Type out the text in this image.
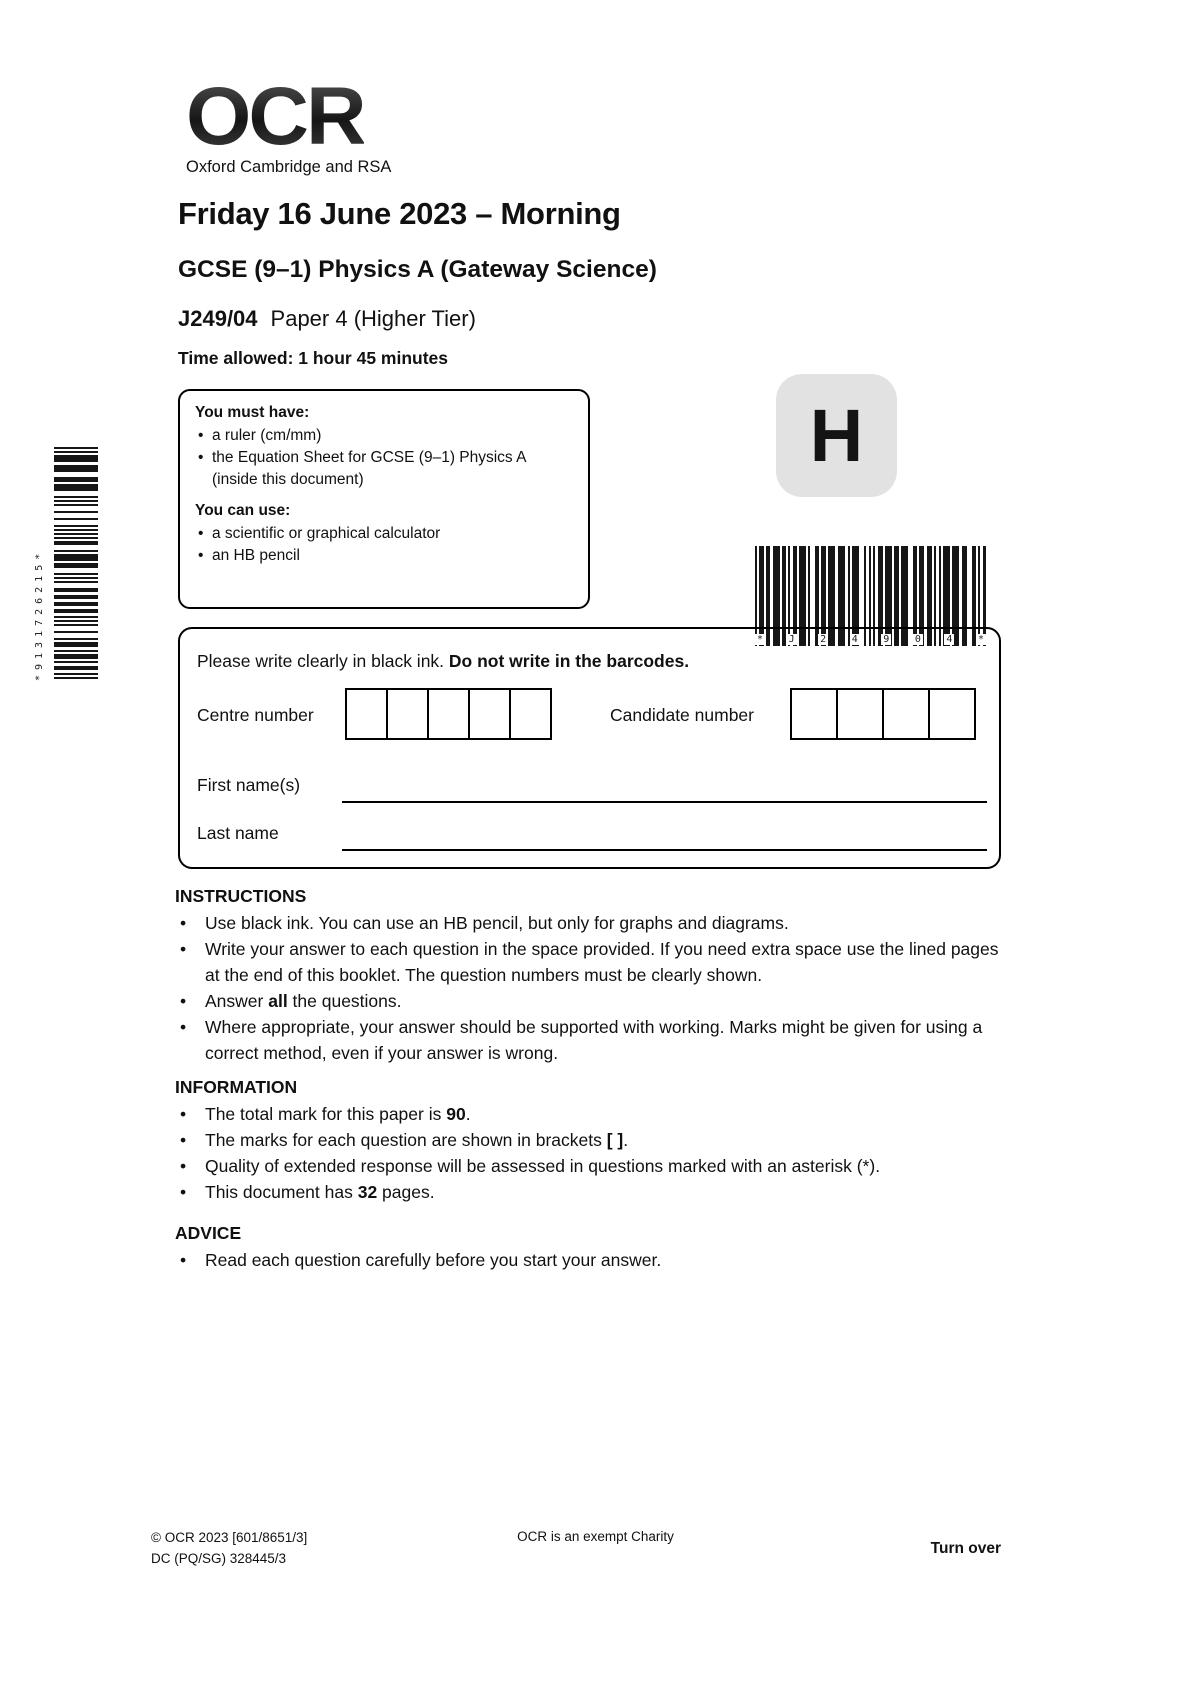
*9131726215*
OCR
Oxford Cambridge and RSA
Friday 16 June 2023 – Morning
GCSE (9–1) Physics A (Gateway Science)
J249/04 Paper 4 (Higher Tier)
Time allowed: 1 hour 45 minutes
You must have:
• a ruler (cm/mm)
• the Equation Sheet for GCSE (9–1) Physics A (inside this document)
You can use:
• a scientific or graphical calculator
• an HB pencil
H
*	J	2	4	9	0	4	*
Please write clearly in black ink. Do not write in the barcodes.
Centre number	Candidate number
First name(s)
Last name
INSTRUCTIONS
• Use black ink. You can use an HB pencil, but only for graphs and diagrams.
• Write your answer to each question in the space provided. If you need extra space use the lined pages at the end of this booklet. The question numbers must be clearly shown.
• Answer all the questions.
• Where appropriate, your answer should be supported with working. Marks might be given for using a correct method, even if your answer is wrong.
INFORMATION
• The total mark for this paper is 90.
• The marks for each question are shown in brackets [ ].
• Quality of extended response will be assessed in questions marked with an asterisk (*).
• This document has 32 pages.
ADVICE
• Read each question carefully before you start your answer.
© OCR 2023 [601/8651/3]
DC (PQ/SG) 328445/3
OCR is an exempt Charity
Turn over
